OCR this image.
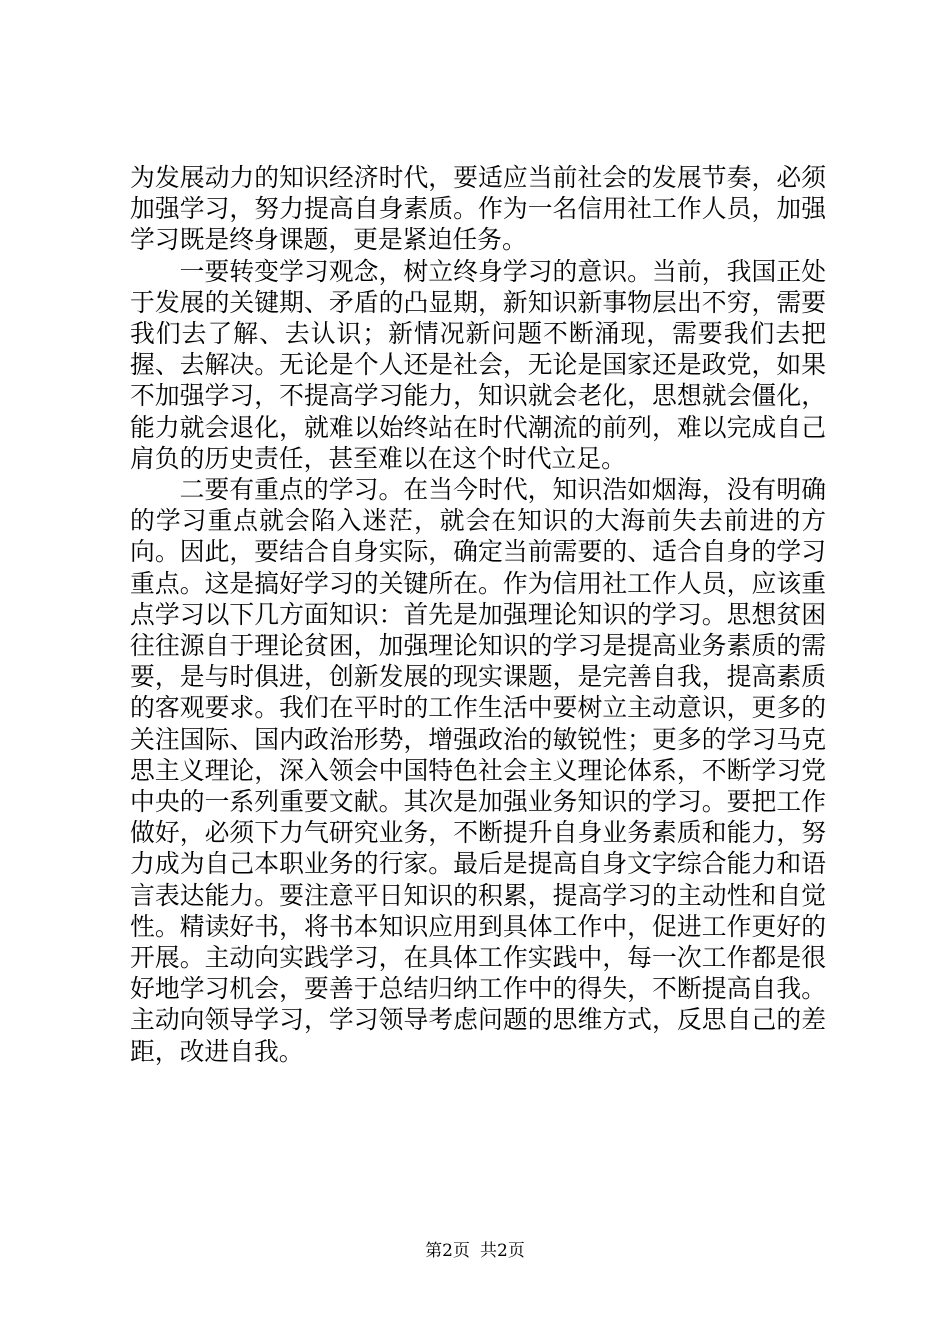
为发展动力的知识经济时代，要适应当前社会的发展节奏，必须加强学习，努力提高自身素质。作为一名信用社工作人员，加强学习既是终身课题，更是紧迫任务。

一要转变学习观念，树立终身学习的意识。当前，我国正处于发展的关键期、矛盾的凸显期，新知识新事物层出不穷，需要我们去了解、去认识；新情况新问题不断涌现，需要我们去把握、去解决。无论是个人还是社会，无论是国家还是政党，如果不加强学习，不提高学习能力，知识就会老化，思想就会僵化，能力就会退化，就难以始终站在时代潮流的前列，难以完成自己肩负的历史责任，甚至难以在这个时代立足。

二要有重点的学习。在当今时代，知识浩如烟海，没有明确的学习重点就会陷入迷茫，就会在知识的大海前失去前进的方向。因此，要结合自身实际，确定当前需要的、适合自身的学习重点。这是搞好学习的关键所在。作为信用社工作人员，应该重点学习以下几方面知识：首先是加强理论知识的学习。思想贫困往往源自于理论贫困，加强理论知识的学习是提高业务素质的需要，是与时俱进，创新发展的现实课题，是完善自我，提高素质的客观要求。我们在平时的工作生活中要树立主动意识，更多的关注国际、国内政治形势，增强政治的敏锐性；更多的学习马克思主义理论，深入领会中国特色社会主义理论体系，不断学习党中央的一系列重要文献。其次是加强业务知识的学习。要把工作做好，必须下力气研究业务，不断提升自身业务素质和能力，努力成为自己本职业务的行家。最后是提高自身文字综合能力和语言表达能力。要注意平日知识的积累，提高学习的主动性和自觉性。精读好书，将书本知识应用到具体工作中，促进工作更好的开展。主动向实践学习，在具体工作实践中，每一次工作都是很好地学习机会，要善于总结归纳工作中的得失，不断提高自我。主动向领导学习，学习领导考虑问题的思维方式，反思自己的差距，改进自我。

第2页 共2页
